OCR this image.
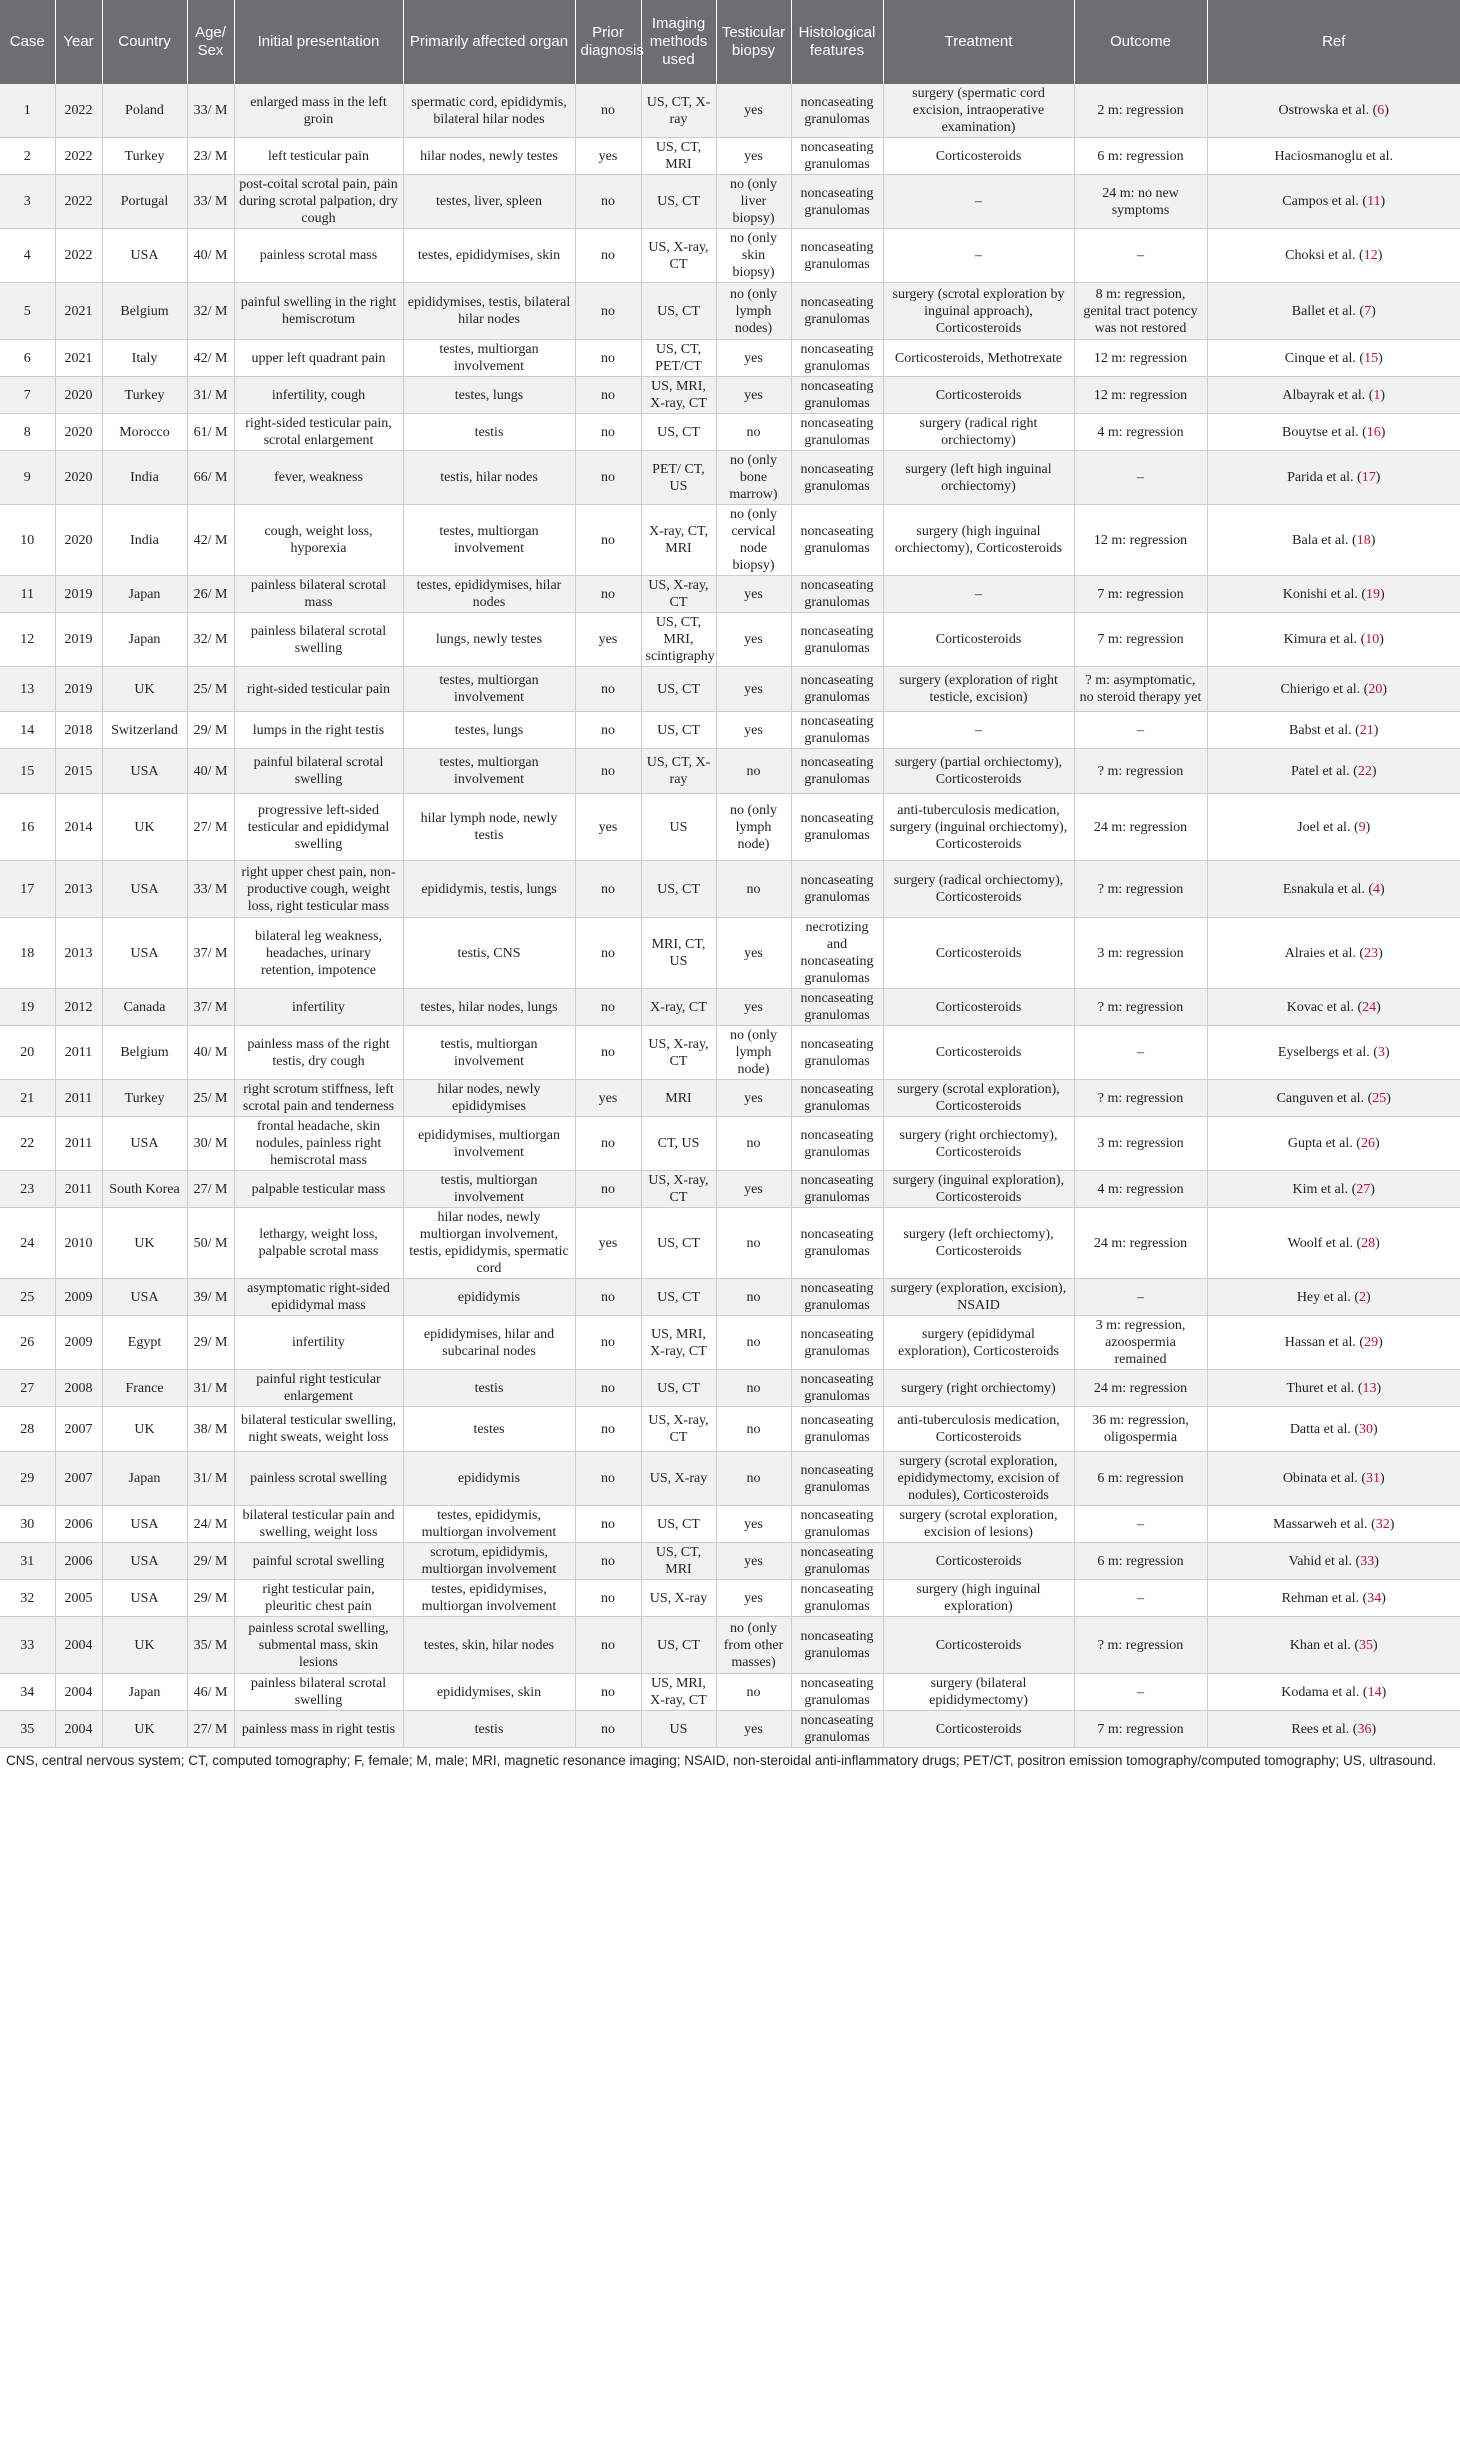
Case	Year	Country	Age/ Sex	Initial presentation	Primarily affected organ	Prior diagnosis	Imaging methods used	Testicular biopsy	Histological features	Treatment	Outcome	Ref
1	2022	Poland	33/ M	enlarged mass in the left groin	spermatic cord, epididymis, bilateral hilar nodes	no	US, CT, X-ray	yes	noncaseating granulomas	surgery (spermatic cord excision, intraoperative examination)	2 m: regression	Ostrowska et al. (6)
2	2022	Turkey	23/ M	left testicular pain	hilar nodes, newly testes	yes	US, CT, MRI	yes	noncaseating granulomas	Corticosteroids	6 m: regression	Haciosmanoglu et al.
3	2022	Portugal	33/ M	post-coital scrotal pain, pain during scrotal palpation, dry cough	testes, liver, spleen	no	US, CT	no (only liver biopsy)	noncaseating granulomas	–	24 m: no new symptoms	Campos et al. (11)
4	2022	USA	40/ M	painless scrotal mass	testes, epididymises, skin	no	US, X-ray, CT	no (only skin biopsy)	noncaseating granulomas	–	–	Choksi et al. (12)
5	2021	Belgium	32/ M	painful swelling in the right hemiscrotum	epididymises, testis, bilateral hilar nodes	no	US, CT	no (only lymph nodes)	noncaseating granulomas	surgery (scrotal exploration by inguinal approach), Corticosteroids	8 m: regression, genital tract potency was not restored	Ballet et al. (7)
6	2021	Italy	42/ M	upper left quadrant pain	testes, multiorgan involvement	no	US, CT, PET/CT	yes	noncaseating granulomas	Corticosteroids, Methotrexate	12 m: regression	Cinque et al. (15)
7	2020	Turkey	31/ M	infertility, cough	testes, lungs	no	US, MRI, X-ray, CT	yes	noncaseating granulomas	Corticosteroids	12 m: regression	Albayrak et al. (1)
8	2020	Morocco	61/ M	right-sided testicular pain, scrotal enlargement	testis	no	US, CT	no	noncaseating granulomas	surgery (radical right orchiectomy)	4 m: regression	Bouytse et al. (16)
9	2020	India	66/ M	fever, weakness	testis, hilar nodes	no	PET/ CT, US	no (only bone marrow)	noncaseating granulomas	surgery (left high inguinal orchiectomy)	–	Parida et al. (17)
10	2020	India	42/ M	cough, weight loss, hyporexia	testes, multiorgan involvement	no	X-ray, CT, MRI	no (only cervical node biopsy)	noncaseating granulomas	surgery (high inguinal orchiectomy), Corticosteroids	12 m: regression	Bala et al. (18)
11	2019	Japan	26/ M	painless bilateral scrotal mass	testes, epididymises, hilar nodes	no	US, X-ray, CT	yes	noncaseating granulomas	–	7 m: regression	Konishi et al. (19)
12	2019	Japan	32/ M	painless bilateral scrotal swelling	lungs, newly testes	yes	US, CT, MRI, scintigraphy	yes	noncaseating granulomas	Corticosteroids	7 m: regression	Kimura et al. (10)
13	2019	UK	25/ M	right-sided testicular pain	testes, multiorgan involvement	no	US, CT	yes	noncaseating granulomas	surgery (exploration of right testicle, excision)	? m: asymptomatic, no steroid therapy yet	Chierigo et al. (20)
14	2018	Switzerland	29/ M	lumps in the right testis	testes, lungs	no	US, CT	yes	noncaseating granulomas	–	–	Babst et al. (21)
15	2015	USA	40/ M	painful bilateral scrotal swelling	testes, multiorgan involvement	no	US, CT, X-ray	no	noncaseating granulomas	surgery (partial orchiectomy), Corticosteroids	? m: regression	Patel et al. (22)
16	2014	UK	27/ M	progressive left-sided testicular and epididymal swelling	hilar lymph node, newly testis	yes	US	no (only lymph node)	noncaseating granulomas	anti-tuberculosis medication, surgery (inguinal orchiectomy), Corticosteroids	24 m: regression	Joel et al. (9)
17	2013	USA	33/ M	right upper chest pain, non-productive cough, weight loss, right testicular mass	epididymis, testis, lungs	no	US, CT	no	noncaseating granulomas	surgery (radical orchiectomy), Corticosteroids	? m: regression	Esnakula et al. (4)
18	2013	USA	37/ M	bilateral leg weakness, headaches, urinary retention, impotence	testis, CNS	no	MRI, CT, US	yes	necrotizing and noncaseating granulomas	Corticosteroids	3 m: regression	Alraies et al. (23)
19	2012	Canada	37/ M	infertility	testes, hilar nodes, lungs	no	X-ray, CT	yes	noncaseating granulomas	Corticosteroids	? m: regression	Kovac et al. (24)
20	2011	Belgium	40/ M	painless mass of the right testis, dry cough	testis, multiorgan involvement	no	US, X-ray, CT	no (only lymph node)	noncaseating granulomas	Corticosteroids	–	Eyselbergs et al. (3)
21	2011	Turkey	25/ M	right scrotum stiffness, left scrotal pain and tenderness	hilar nodes, newly epididymises	yes	MRI	yes	noncaseating granulomas	surgery (scrotal exploration), Corticosteroids	? m: regression	Canguven et al. (25)
22	2011	USA	30/ M	frontal headache, skin nodules, painless right hemiscrotal mass	epididymises, multiorgan involvement	no	CT, US	no	noncaseating granulomas	surgery (right orchiectomy), Corticosteroids	3 m: regression	Gupta et al. (26)
23	2011	South Korea	27/ M	palpable testicular mass	testis, multiorgan involvement	no	US, X-ray, CT	yes	noncaseating granulomas	surgery (inguinal exploration), Corticosteroids	4 m: regression	Kim et al. (27)
24	2010	UK	50/ M	lethargy, weight loss, palpable scrotal mass	hilar nodes, newly multiorgan involvement, testis, epididymis, spermatic cord	yes	US, CT	no	noncaseating granulomas	surgery (left orchiectomy), Corticosteroids	24 m: regression	Woolf et al. (28)
25	2009	USA	39/ M	asymptomatic right-sided epididymal mass	epididymis	no	US, CT	no	noncaseating granulomas	surgery (exploration, excision), NSAID	–	Hey et al. (2)
26	2009	Egypt	29/ M	infertility	epididymises, hilar and subcarinal nodes	no	US, MRI, X-ray, CT	no	noncaseating granulomas	surgery (epididymal exploration), Corticosteroids	3 m: regression, azoospermia remained	Hassan et al. (29)
27	2008	France	31/ M	painful right testicular enlargement	testis	no	US, CT	no	noncaseating granulomas	surgery (right orchiectomy)	24 m: regression	Thuret et al. (13)
28	2007	UK	38/ M	bilateral testicular swelling, night sweats, weight loss	testes	no	US, X-ray, CT	no	noncaseating granulomas	anti-tuberculosis medication, Corticosteroids	36 m: regression, oligospermia	Datta et al. (30)
29	2007	Japan	31/ M	painless scrotal swelling	epididymis	no	US, X-ray	no	noncaseating granulomas	surgery (scrotal exploration, epididymectomy, excision of nodules), Corticosteroids	6 m: regression	Obinata et al. (31)
30	2006	USA	24/ M	bilateral testicular pain and swelling, weight loss	testes, epididymis, multiorgan involvement	no	US, CT	yes	noncaseating granulomas	surgery (scrotal exploration, excision of lesions)	–	Massarweh et al. (32)
31	2006	USA	29/ M	painful scrotal swelling	scrotum, epididymis, multiorgan involvement	no	US, CT, MRI	yes	noncaseating granulomas	Corticosteroids	6 m: regression	Vahid et al. (33)
32	2005	USA	29/ M	right testicular pain, pleuritic chest pain	testes, epididymises, multiorgan involvement	no	US, X-ray	yes	noncaseating granulomas	surgery (high inguinal exploration)	–	Rehman et al. (34)
33	2004	UK	35/ M	painless scrotal swelling, submental mass, skin lesions	testes, skin, hilar nodes	no	US, CT	no (only from other masses)	noncaseating granulomas	Corticosteroids	? m: regression	Khan et al. (35)
34	2004	Japan	46/ M	painless bilateral scrotal swelling	epididymises, skin	no	US, MRI, X-ray, CT	no	noncaseating granulomas	surgery (bilateral epididymectomy)	–	Kodama et al. (14)
35	2004	UK	27/ M	painless mass in right testis	testis	no	US	yes	noncaseating granulomas	Corticosteroids	7 m: regression	Rees et al. (36)
CNS, central nervous system; CT, computed tomography; F, female; M, male; MRI, magnetic resonance imaging; NSAID, non-steroidal anti-inflammatory drugs; PET/CT, positron emission tomography/computed tomography; US, ultrasound.
